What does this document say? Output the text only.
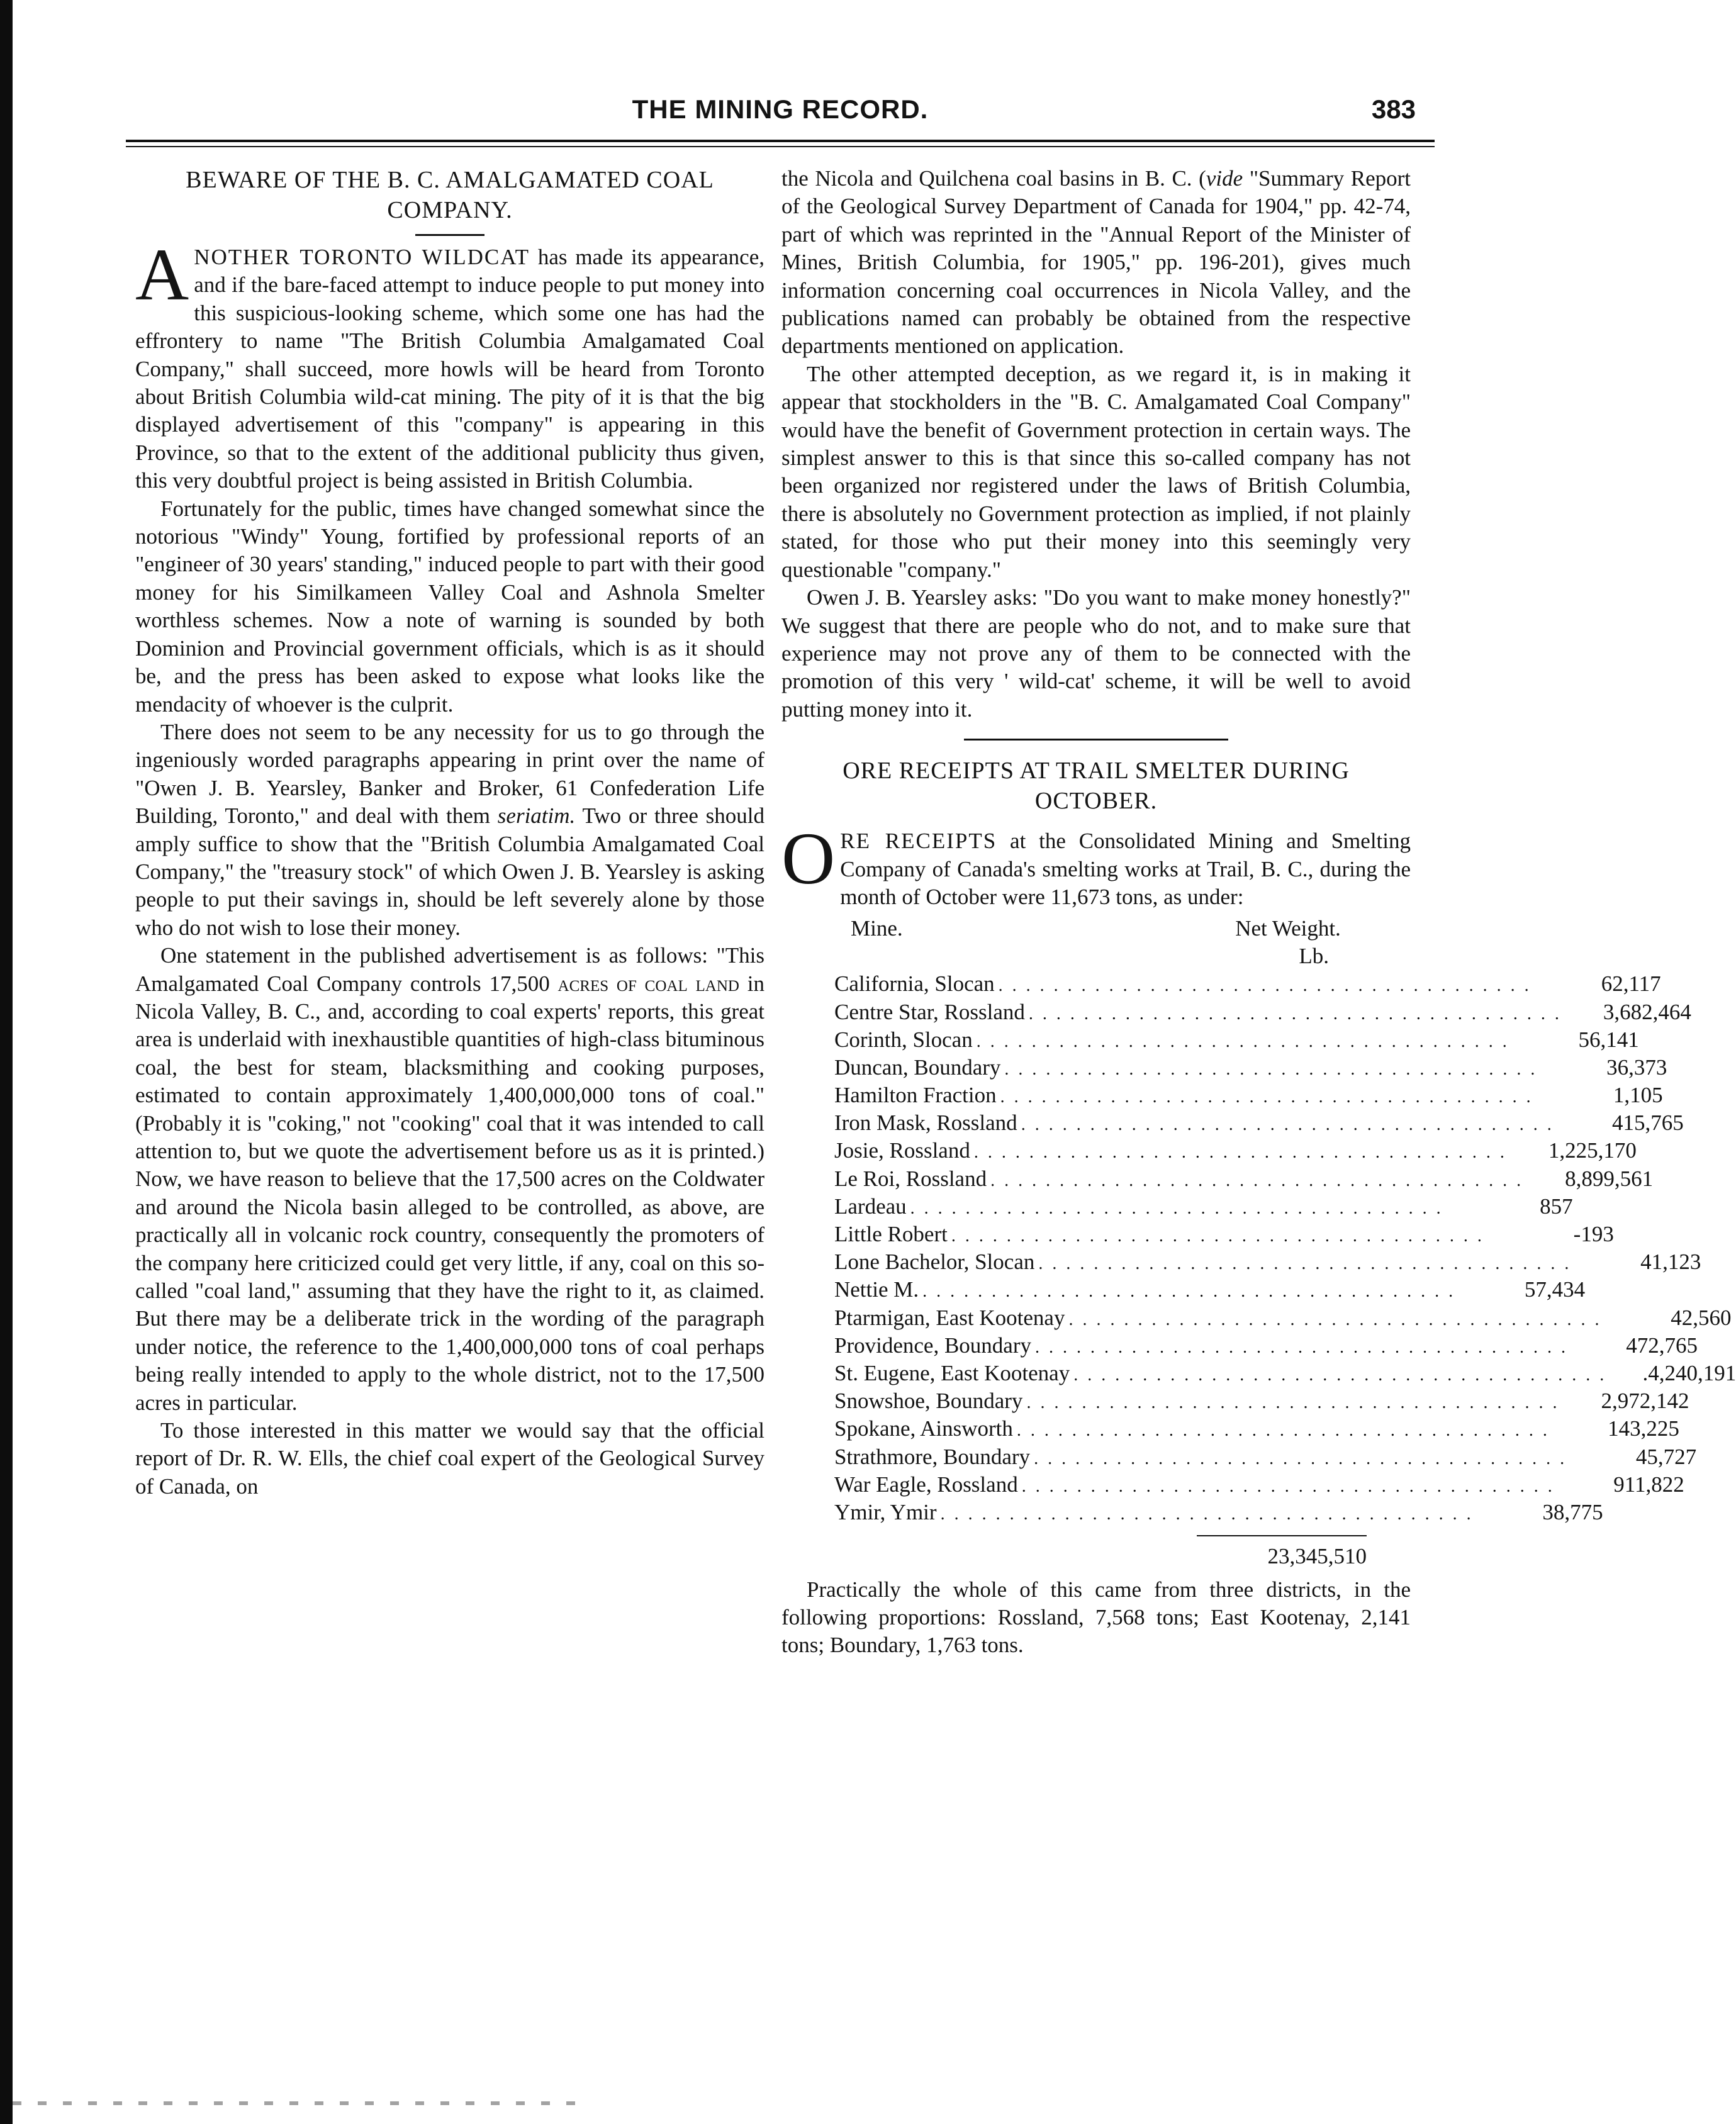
THE MINING RECORD.	383
BEWARE OF THE B. C. AMALGAMATED COAL COMPANY.

ANOTHER TORONTO WILDCAT has made its appearance, and if the bare-faced attempt to induce people to put money into this suspicious-looking scheme, which some one has had the effrontery to name "The British Columbia Amalgamated Coal Company," shall succeed, more howls will be heard from Toronto about British Columbia wild-cat mining. The pity of it is that the big displayed advertisement of this "company" is appearing in this Province, so that to the extent of the additional publicity thus given, this very doubtful project is being assisted in British Columbia.

Fortunately for the public, times have changed somewhat since the notorious "Windy" Young, fortified by professional reports of an "engineer of 30 years' standing," induced people to part with their good money for his Similkameen Valley Coal and Ashnola Smelter worthless schemes. Now a note of warning is sounded by both Dominion and Provincial government officials, which is as it should be, and the press has been asked to expose what looks like the mendacity of whoever is the culprit.

There does not seem to be any necessity for us to go through the ingeniously worded paragraphs appearing in print over the name of "Owen J. B. Yearsley, Banker and Broker, 61 Confederation Life Building, Toronto," and deal with them seriatim. Two or three should amply suffice to show that the "British Columbia Amalgamated Coal Company," the "treasury stock" of which Owen J. B. Yearsley is asking people to put their savings in, should be left severely alone by those who do not wish to lose their money.

One statement in the published advertisement is as follows: "This Amalgamated Coal Company controls 17,500 acres of coal land in Nicola Valley, B. C., and, according to coal experts' reports, this great area is underlaid with inexhaustible quantities of high-class bituminous coal, the best for steam, blacksmithing and cooking purposes, estimated to contain approximately 1,400,000,000 tons of coal." (Probably it is "coking," not "cooking" coal that it was intended to call attention to, but we quote the advertisement before us as it is printed.) Now, we have reason to believe that the 17,500 acres on the Coldwater and around the Nicola basin alleged to be controlled, as above, are practically all in volcanic rock country, consequently the promoters of the company here criticized could get very little, if any, coal on this so-called "coal land," assuming that they have the right to it, as claimed. But there may be a deliberate trick in the wording of the paragraph under notice, the reference to the 1,400,000,000 tons of coal perhaps being really intended to apply to the whole district, not to the 17,500 acres in particular.

To those interested in this matter we would say that the official report of Dr. R. W. Ells, the chief coal expert of the Geological Survey of Canada, on

the Nicola and Quilchena coal basins in B. C. (vide "Summary Report of the Geological Survey Department of Canada for 1904," pp. 42-74, part of which was reprinted in the "Annual Report of the Minister of Mines, British Columbia, for 1905," pp. 196-201), gives much information concerning coal occurrences in Nicola Valley, and the publications named can probably be obtained from the respective departments mentioned on application.

The other attempted deception, as we regard it, is in making it appear that stockholders in the "B. C. Amalgamated Coal Company" would have the benefit of Government protection in certain ways. The simplest answer to this is that since this so-called company has not been organized nor registered under the laws of British Columbia, there is absolutely no Government protection as implied, if not plainly stated, for those who put their money into this seemingly very questionable "company."

Owen J. B. Yearsley asks: "Do you want to make money honestly?" We suggest that there are people who do not, and to make sure that experience may not prove any of them to be connected with the promotion of this very ' wild-cat' scheme, it will be well to avoid putting money into it.

ORE RECEIPTS AT TRAIL SMELTER DURING OCTOBER.

ORE RECEIPTS at the Consolidated Mining and Smelting Company of Canada's smelting works at Trail, B. C., during the month of October were 11,673 tons, as under:

Mine.	Net Weight.
Lb.
California, Slocan . . . . . . . . . . . . . . . . . . . . . . . . . . . . . . . . . . . . . . .	62,117
Centre Star, Rossland . . . . . . . . . . . . . . . . . . . . . . . . . . . . . . . . . . . . . . .	3,682,464
Corinth, Slocan . . . . . . . . . . . . . . . . . . . . . . . . . . . . . . . . . . . . . . .	56,141
Duncan, Boundary . . . . . . . . . . . . . . . . . . . . . . . . . . . . . . . . . . . . . . .	36,373
Hamilton Fraction . . . . . . . . . . . . . . . . . . . . . . . . . . . . . . . . . . . . . . .	1,105
Iron Mask, Rossland . . . . . . . . . . . . . . . . . . . . . . . . . . . . . . . . . . . . . . .	415,765
Josie, Rossland . . . . . . . . . . . . . . . . . . . . . . . . . . . . . . . . . . . . . . .	1,225,170
Le Roi, Rossland . . . . . . . . . . . . . . . . . . . . . . . . . . . . . . . . . . . . . . .	8,899,561
Lardeau . . . . . . . . . . . . . . . . . . . . . . . . . . . . . . . . . . . . . . .	857
Little Robert . . . . . . . . . . . . . . . . . . . . . . . . . . . . . . . . . . . . . . .	-193
Lone Bachelor, Slocan . . . . . . . . . . . . . . . . . . . . . . . . . . . . . . . . . . . . . . .	41,123
Nettie M. . . . . . . . . . . . . . . . . . . . . . . . . . . . . . . . . . . . . . . .	57,434
Ptarmigan, East Kootenay . . . . . . . . . . . . . . . . . . . . . . . . . . . . . . . . . . . . . . .	42,560
Providence, Boundary . . . . . . . . . . . . . . . . . . . . . . . . . . . . . . . . . . . . . . .	472,765
St. Eugene, East Kootenay . . . . . . . . . . . . . . . . . . . . . . . . . . . . . . . . . . . . . . .	.4,240,191
Snowshoe, Boundary . . . . . . . . . . . . . . . . . . . . . . . . . . . . . . . . . . . . . . .	2,972,142
Spokane, Ainsworth . . . . . . . . . . . . . . . . . . . . . . . . . . . . . . . . . . . . . . .	143,225
Strathmore, Boundary . . . . . . . . . . . . . . . . . . . . . . . . . . . . . . . . . . . . . . .	45,727
War Eagle, Rossland . . . . . . . . . . . . . . . . . . . . . . . . . . . . . . . . . . . . . . .	911,822
Ymir, Ymir . . . . . . . . . . . . . . . . . . . . . . . . . . . . . . . . . . . . . . .	38,775
23,345,510

Practically the whole of this came from three districts, in the following proportions: Rossland, 7,568 tons; East Kootenay, 2,141 tons; Boundary, 1,763 tons.
